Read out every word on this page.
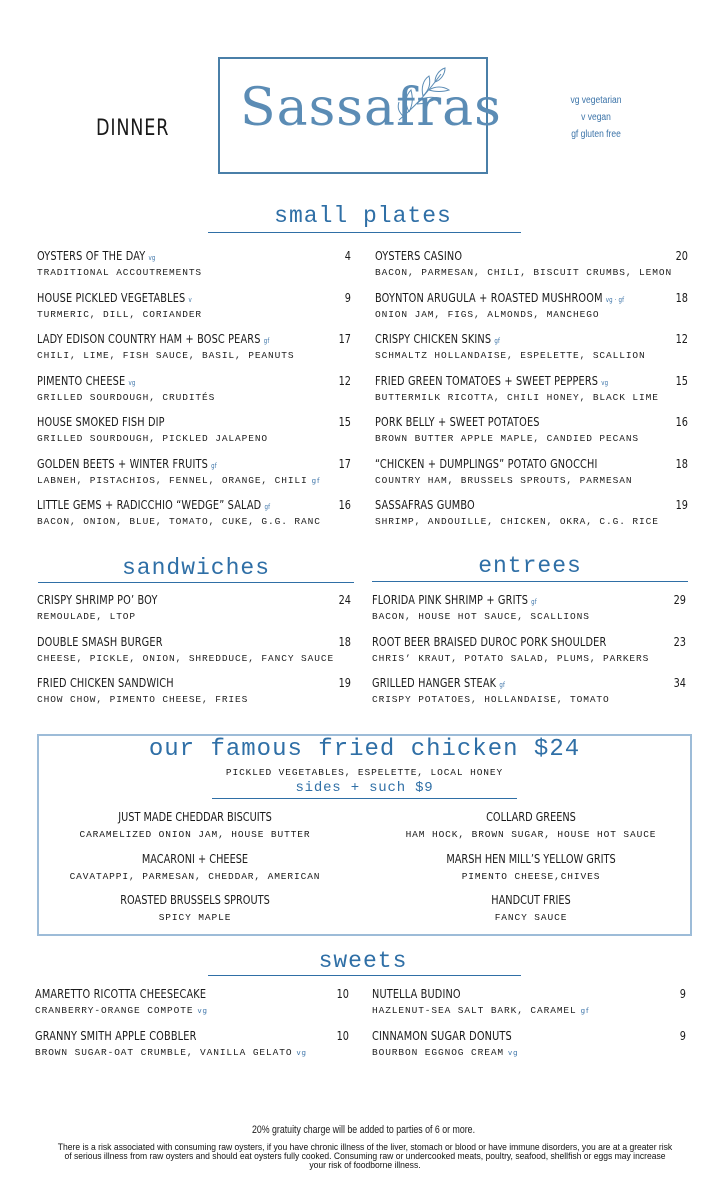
DINNER Sassafras	vg vegetarian
v vegan
gf gluten free
small plates
OYSTERS OF THE DAY vg	4
TRADITIONAL ACCOUTREMENTS
HOUSE PICKLED VEGETABLES v	9
TURMERIC, DILL, CORIANDER
LADY EDISON COUNTRY HAM + BOSC PEARS gf	17
CHILI, LIME, FISH SAUCE, BASIL, PEANUTS
PIMENTO CHEESE vg	12
GRILLED SOURDOUGH, CRUDITÉS
HOUSE SMOKED FISH DIP	15
GRILLED SOURDOUGH, PICKLED JALAPENO
GOLDEN BEETS + WINTER FRUITS gf	17
LABNEH, PISTACHIOS, FENNEL, ORANGE, CHILI gf
LITTLE GEMS + RADICCHIO “WEDGE” SALAD gf	16
BACON, ONION, BLUE, TOMATO, CUKE, G.G. RANC
OYSTERS CASINO	20
BACON, PARMESAN, CHILI, BISCUIT CRUMBS, LEMON
BOYNTON ARUGULA + ROASTED MUSHROOM vg · gf	18
ONION JAM, FIGS, ALMONDS, MANCHEGO
CRISPY CHICKEN SKINS gf	12
SCHMALTZ HOLLANDAISE, ESPELETTE, SCALLION
FRIED GREEN TOMATOES + SWEET PEPPERS vg	15
BUTTERMILK RICOTTA, CHILI HONEY, BLACK LIME
PORK BELLY + SWEET POTATOES	16
BROWN BUTTER APPLE MAPLE, CANDIED PECANS
“CHICKEN + DUMPLINGS” POTATO GNOCCHI	18
COUNTRY HAM, BRUSSELS SPROUTS, PARMESAN
SASSAFRAS GUMBO	19
SHRIMP, ANDOUILLE, CHICKEN, OKRA, C.G. RICE
sandwiches	entrees
CRISPY SHRIMP PO’ BOY	24
REMOULADE, LTOP
DOUBLE SMASH BURGER	18
CHEESE, PICKLE, ONION, SHREDDUCE, FANCY SAUCE
FRIED CHICKEN SANDWICH	19
CHOW CHOW, PIMENTO CHEESE, FRIES
FLORIDA PINK SHRIMP + GRITS gf	29
BACON, HOUSE HOT SAUCE, SCALLIONS
ROOT BEER BRAISED DUROC PORK SHOULDER	23
CHRIS’ KRAUT, POTATO SALAD, PLUMS, PARKERS
GRILLED HANGER STEAK gf	34
CRISPY POTATOES, HOLLANDAISE, TOMATO
our famous fried chicken $24
PICKLED VEGETABLES, ESPELETTE, LOCAL HONEY
sides + such $9
JUST MADE CHEDDAR BISCUITS
CARAMELIZED ONION JAM, HOUSE BUTTER
MACARONI + CHEESE
CAVATAPPI, PARMESAN, CHEDDAR, AMERICAN
ROASTED BRUSSELS SPROUTS
SPICY MAPLE
COLLARD GREENS
HAM HOCK, BROWN SUGAR, HOUSE HOT SAUCE
MARSH HEN MILL’S YELLOW GRITS
PIMENTO CHEESE,CHIVES
HANDCUT FRIES
FANCY SAUCE
sweets
AMARETTO RICOTTA CHEESECAKE	10
CRANBERRY-ORANGE COMPOTE vg
GRANNY SMITH APPLE COBBLER	10
BROWN SUGAR-OAT CRUMBLE, VANILLA GELATO vg
NUTELLA BUDINO	9
HAZLENUT-SEA SALT BARK, CARAMEL gf
CINNAMON SUGAR DONUTS	9
BOURBON EGGNOG CREAM vg
20% gratuity charge will be added to parties of 6 or more.
There is a risk associated with consuming raw oysters, if you have chronic illness of the liver, stomach or blood or have immune disorders, you are at a greater risk of serious illness from raw oysters and should eat oysters fully cooked. Consuming raw or undercooked meats, poultry, seafood, shellfish or eggs may increase your risk of foodborne illness.
